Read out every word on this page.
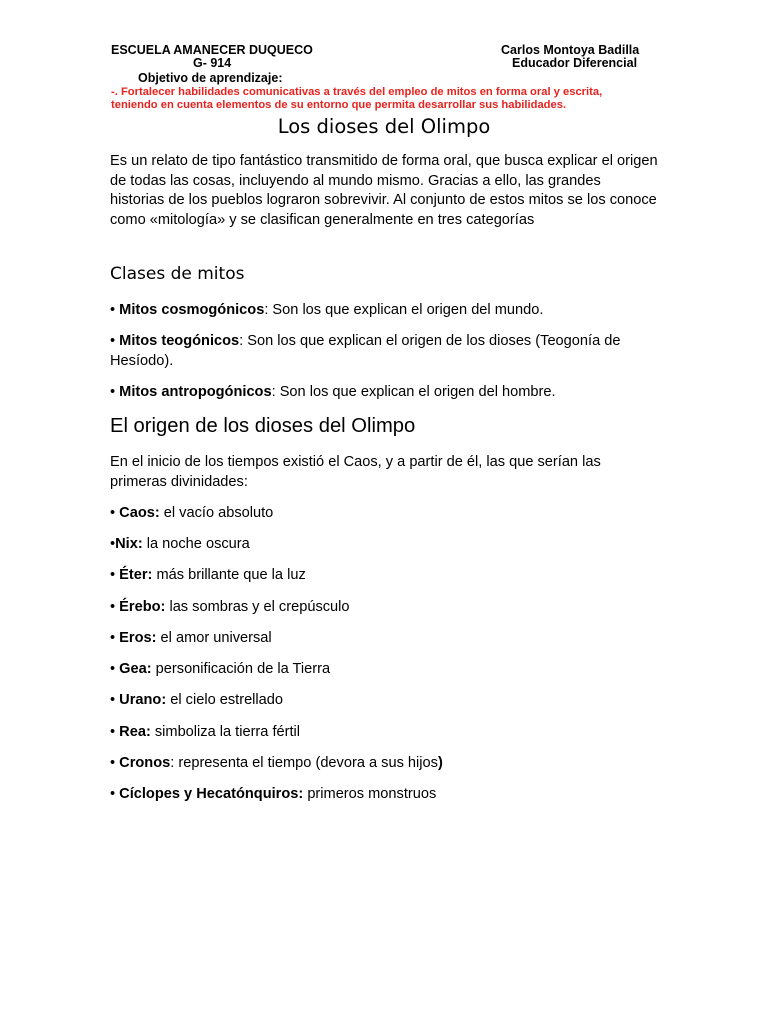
ESCUELA AMANECER DUQUECO
G- 914
Carlos Montoya Badilla
Educador Diferencial
Objetivo de aprendizaje:
-. Fortalecer habilidades comunicativas a través del empleo de mitos en forma oral y escrita, teniendo en cuenta elementos de su entorno que permita desarrollar sus habilidades.
Los dioses del Olimpo
Es un relato de tipo fantástico transmitido de forma oral, que busca explicar el origen de todas las cosas, incluyendo al mundo mismo. Gracias a ello, las grandes historias de los pueblos lograron sobrevivir. Al conjunto de estos mitos se los conoce como «mitología» y se clasifican generalmente en tres categorías
Clases de mitos
• Mitos cosmogónicos: Son los que explican el origen del mundo.
• Mitos teogónicos: Son los que explican el origen de los dioses (Teogonía de Hesíodo).
• Mitos antropogónicos: Son los que explican el origen del hombre.
El origen de los dioses del Olimpo
En el inicio de los tiempos existió el Caos, y a partir de él, las que serían las primeras divinidades:
• Caos: el vacío absoluto
•Nix: la noche oscura
• Éter: más brillante que la luz
• Érebo: las sombras y el crepúsculo
• Eros: el amor universal
• Gea: personificación de la Tierra
• Urano: el cielo estrellado
• Rea: simboliza la tierra fértil
• Cronos: representa el tiempo (devora a sus hijos)
• Cíclopes y Hecatónquiros: primeros monstruos
